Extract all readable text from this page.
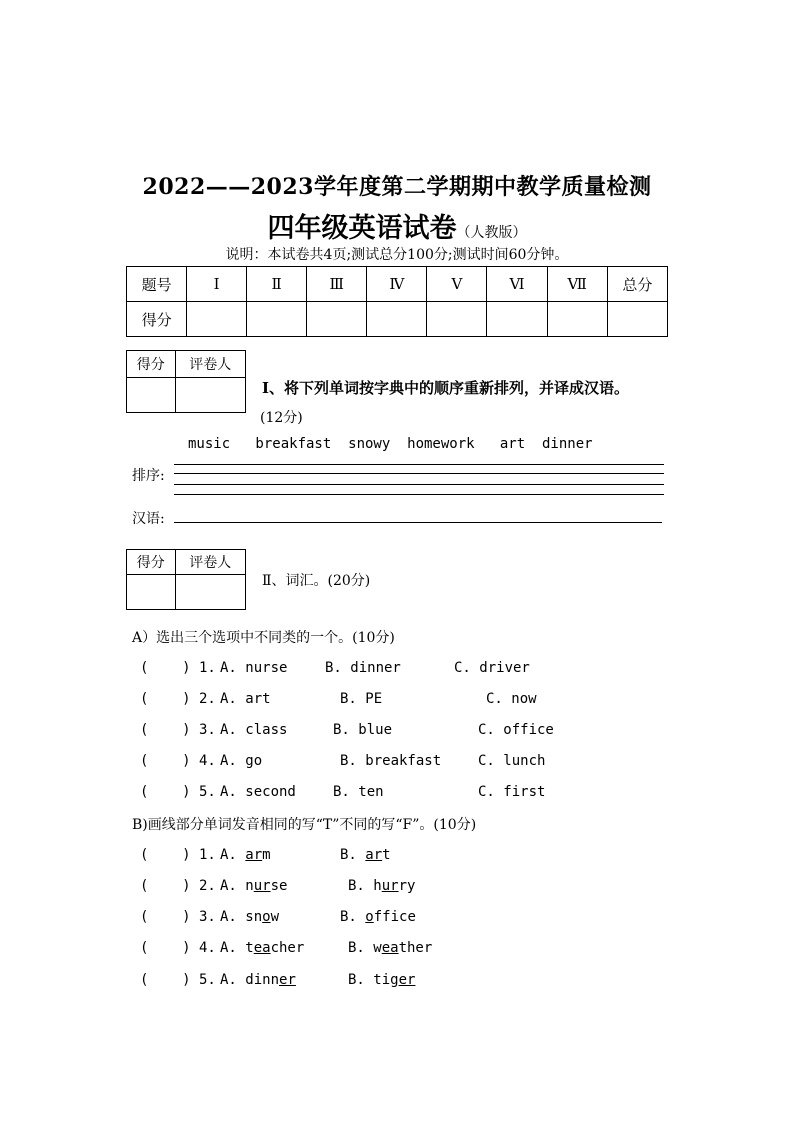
2022——2023学年度第二学期期中教学质量检测
四年级英语试卷（人教版）
说明：本试卷共4页;测试总分100分;测试时间60分钟。
题号	Ⅰ	Ⅱ	Ⅲ	Ⅳ	Ⅴ	Ⅵ	Ⅶ	总分
得分								
得分	评卷人

Ⅰ、将下列单词按字典中的顺序重新排列，并译成汉语。
(12分)
music   breakfast  snowy  homework   art  dinner
排序:
汉语:
得分	评卷人

Ⅱ、词汇。(20分)
A）选出三个选项中不同类的一个。(10分)
(    ) 1. A. nurse	B. dinner	C. driver
(    ) 2. A. art	B. PE	C. now
(    ) 3. A. class	B. blue	C. office
(    ) 4. A. go	B. breakfast	C. lunch
(    ) 5. A. second	B. ten	C. first
B)画线部分单词发音相同的写“T”不同的写“F”。(10分)
(    ) 1. A. arm	B. art
(    ) 2. A. nurse	B. hurry
(    ) 3. A. snow	B. office
(    ) 4. A. teacher	B. weather
(    ) 5. A. dinner	B. tiger
